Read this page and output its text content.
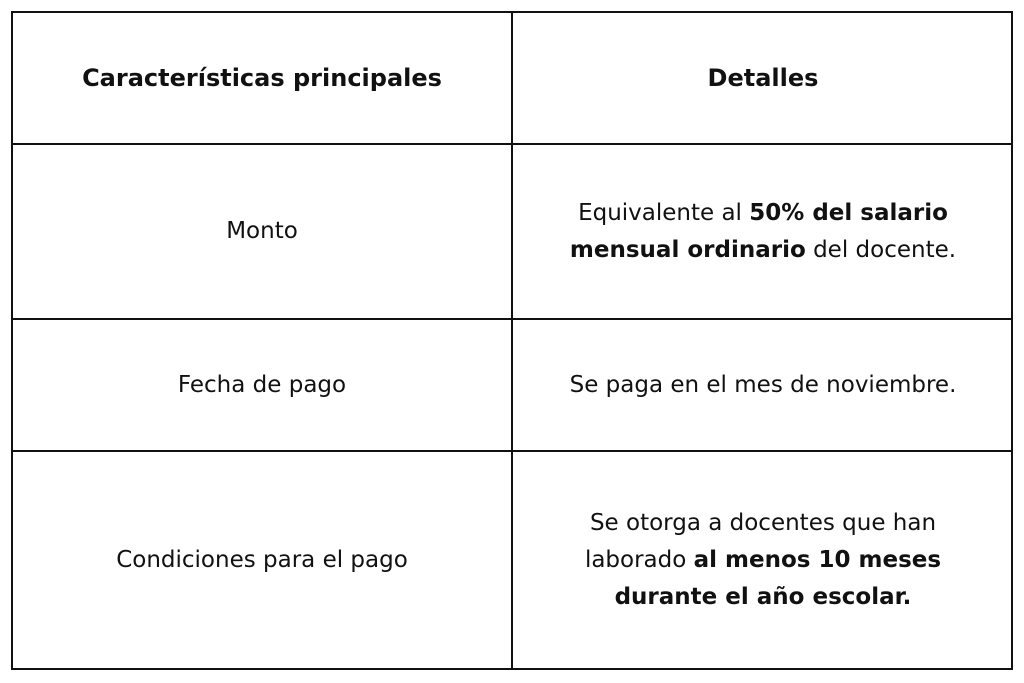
Características principales	Detalles
Monto
Equivalente al 50% del salario mensual ordinario del docente.
Fecha de pago	Se paga en el mes de noviembre.
Condiciones para el pago
Se otorga a docentes que han laborado al menos 10 meses durante el año escolar.
